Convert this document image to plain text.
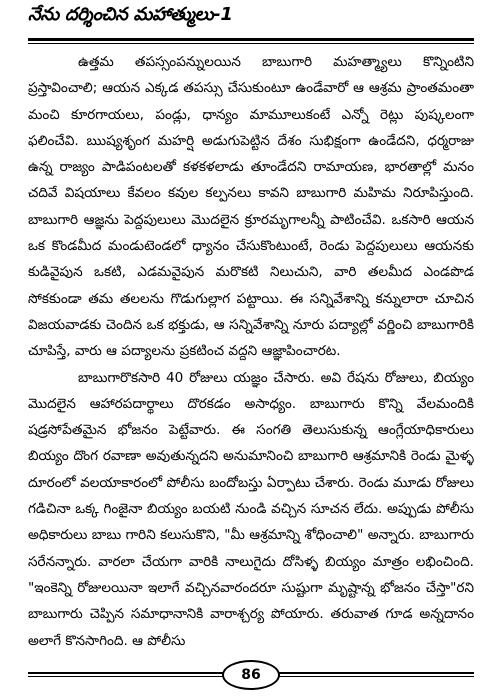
నేను దర్శించిన మహాత్ములు-1

ఉత్తమ తపస్సంపన్నులయిన బాబుగారి మహత్మ్యాలు కొన్నింటిని ప్రస్తావించాలి; ఆయన ఎక్కడ తపస్సు చేసుకుంటూ ఉండేవారో ఆ ఆశ్రమ ప్రాంతమంతా మంచి కూరగాయలు, పండ్లు, ధాన్యం మామూలుకంటే ఎన్నో రెట్లు పుష్కలంగా ఫలించేవి. ఋష్యశృంగ మహర్షి అడుగుపెట్టిన దేశం సుభిక్షంగా ఉండేదని, ధర్మరాజు ఉన్న రాజ్యం పాడిపంటలతో కళకళలాడు తూండేదని రామాయణ, భారతాల్లో మనం చదివే విషయాలు కేవలం కవుల కల్పనలు కావని బాబుగారి మహిమ నిరూపిస్తుంది. బాబుగారి ఆజ్ఞను పెద్దపులులు మొదలైన క్రూరమృగాలన్నీ పాటించేవి. ఒకసారి ఆయన ఒక కొండమీద మండుటెండలో ధ్యానం చేసుకొంటుంటే, రెండు పెద్దపులులు ఆయనకు కుడివైపున ఒకటి, ఎడమవైపున మరొకటి నిలుచుని, వారి తలమీద ఎండపొడ సోకకుండా తమ తలలను గొడుగుల్లాగ పట్టాయి. ఈ సన్నివేశాన్ని కన్నులారా చూచిన విజయవాడకు చెందిన ఒక భక్తుడు, ఆ సన్నివేశాన్ని నూరు పద్యాల్లో వర్ణించి బాబుగారికి చూపిస్తే, వారు ఆ పద్యాలను ప్రకటించ వద్దని ఆజ్ఞాపించారట.

బాబుగారొకసారి 40 రోజులు యజ్ఞం చేసారు. అవి రేషను రోజులు, బియ్యం మొదలైన ఆహారపదార్థాలు దొరకడం అసాధ్యం. బాబుగారు కొన్ని వేలమందికి షడ్రసోపేతమైన భోజనం పెట్టేవారు. ఈ సంగతి తెలుసుకున్న ఆంగ్లేయాధికారులు బియ్యం దొంగ రవాణా అవుతున్నదని అనుమానించి బాబుగారి ఆశ్రమానికి రెండు మైళ్ళ దూరంలో వలయాకారంలో పోలీసు బందోబస్తు ఏర్పాటు చేశారు. రెండు మూడు రోజులు గడిచినా ఒక్క గింజైనా బియ్యం బయటి నుండి వచ్చిన సూచన లేదు. అప్పుడు పోలీసు అధికారులు బాబు గారిని కలుసుకొని, "మీ ఆశ్రమాన్ని శోధించాలి" అన్నారు. బాబుగారు సరేనన్నారు. వారలా చేయగా వారికి నాలుగైదు దోసిళ్ళ బియ్యం మాత్రం లభించింది. "ఇంకెన్ని రోజులయినా ఇలాగే వచ్చినవారందరూ సుష్టుగా మృష్టాన్న భోజనం చేస్తా"రని బాబుగారు చెప్పిన సమాధానానికి వారాశ్చర్య పోయారు. తరువాత గూడ అన్నదానం అలాగే కొనసాగింది. ఆ పోలీసు

86
